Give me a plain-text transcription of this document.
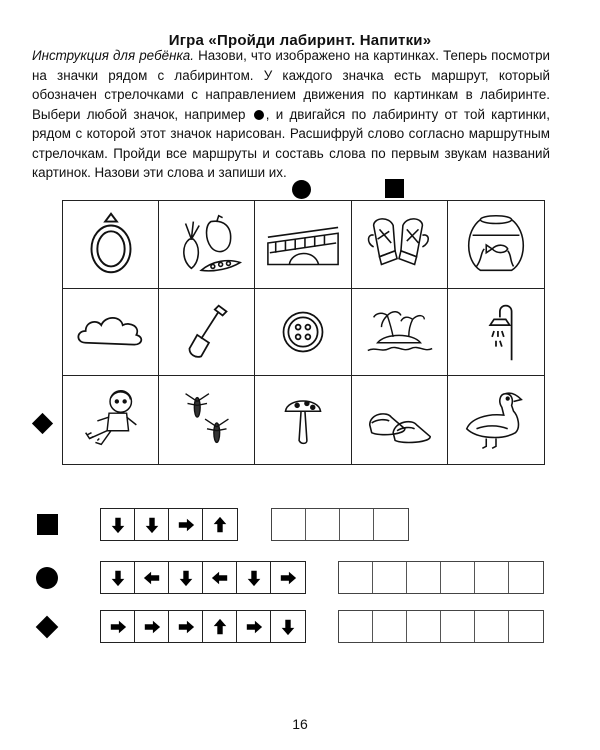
Игра «Пройди лабиринт. Напитки»
Инструкция для ребёнка. Назови, что изображено на картинках. Теперь посмотри на значки рядом с лабиринтом. У каждого значка есть маршрут, который обозначен стрелочками с направлением движения по картинкам в лабиринте. Выбери любой значок, например , и двигайся по лабиринту от той картинки, рядом с которой этот значок нарисован. Расшифруй слово согласно маршрутным стрелочкам. Пройди все маршруты и составь слова по первым звукам названий картинок. Назови эти слова и запиши их.
16
